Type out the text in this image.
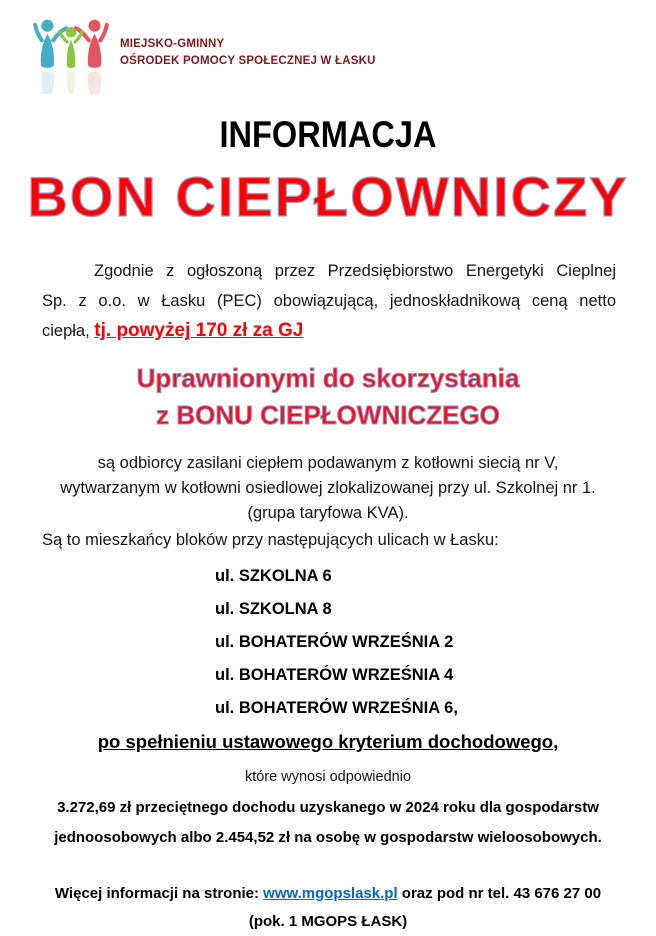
MIEJSKO-GMINNY
OŚRODEK POMOCY SPOŁECZNEJ W ŁASKU
INFORMACJA
BON CIEPŁOWNICZY
Zgodnie z ogłoszoną przez Przedsiębiorstwo Energetyki Cieplnej
Sp. z o.o. w Łasku (PEC) obowiązującą, jednoskładnikową ceną netto
ciepła, tj. powyżej 170 zł za GJ
Uprawnionymi do skorzystania
z BONU CIEPŁOWNICZEGO
są odbiorcy zasilani ciepłem podawanym z kotłowni siecią nr V,
wytwarzanym w kotłowni osiedlowej zlokalizowanej przy ul. Szkolnej nr 1.
(grupa taryfowa KVA).
Są to mieszkańcy bloków przy następujących ulicach w Łasku:
ul. SZKOLNA 6
ul. SZKOLNA 8
ul. BOHATERÓW WRZEŚNIA 2
ul. BOHATERÓW WRZEŚNIA 4
ul. BOHATERÓW WRZEŚNIA 6,
po spełnieniu ustawowego kryterium dochodowego,
które wynosi odpowiednio
3.272,69 zł przeciętnego dochodu uzyskanego w 2024 roku dla gospodarstw
jednoosobowych albo 2.454,52 zł na osobę w gospodarstw wieloosobowych.
Więcej informacji na stronie: www.mgopslask.pl oraz pod nr tel. 43 676 27 00
(pok. 1 MGOPS ŁASK)
